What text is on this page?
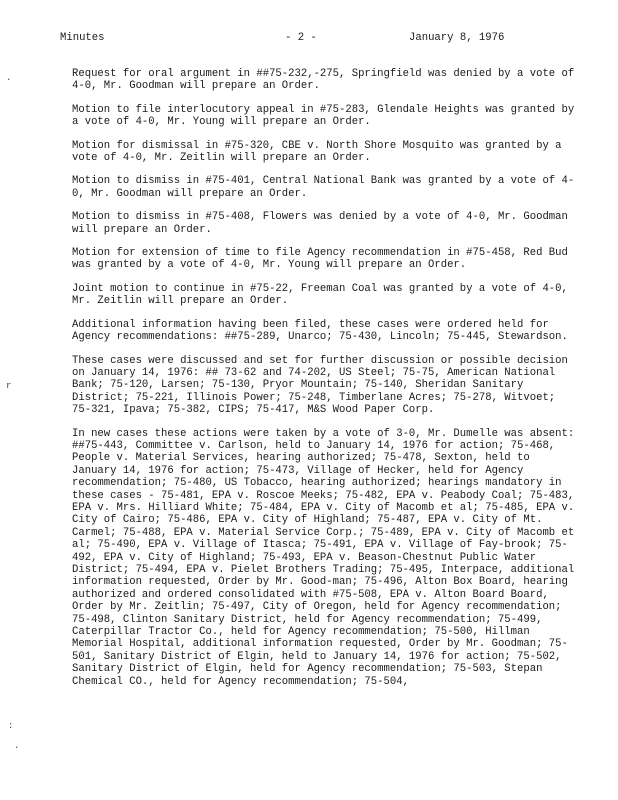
Minutes	- 2 -	January 8, 1976
.
r
:
.

Request for oral argument in ##75-232,-275, Springfield was denied by a vote of 4-0, Mr. Goodman will prepare an Order.

Motion to file interlocutory appeal in #75-283, Glendale Heights was granted by a vote of 4-0, Mr. Young will prepare an Order.

Motion for dismissal in #75-320, CBE v. North Shore Mosquito was granted by a vote of 4-0, Mr. Zeitlin will prepare an Order.

Motion to dismiss in #75-401, Central National Bank was granted by a vote of 4-0, Mr. Goodman will prepare an Order.

Motion to dismiss in #75-408, Flowers was denied by a vote of 4-0, Mr. Goodman will prepare an Order.

Motion for extension of time to file Agency recommendation in #75-458, Red Bud was granted by a vote of 4-0, Mr. Young will prepare an Order.

Joint motion to continue in #75-22, Freeman Coal was granted by a vote of 4-0, Mr. Zeitlin will prepare an Order.

Additional information having been filed, these cases were ordered held for Agency recommendations: ##75-289, Unarco; 75-430, Lincoln; 75-445, Stewardson.

These cases were discussed and set for further discussion or possible decision on January 14, 1976: ## 73-62 and 74-202, US Steel; 75-75, American National Bank; 75-120, Larsen; 75-130, Pryor Mountain; 75-140, Sheridan Sanitary District; 75-221, Illinois Power; 75-248, Timberlane Acres; 75-278, Witvoet; 75-321, Ipava; 75-382, CIPS; 75-417, M&S Wood Paper Corp.

In new cases these actions were taken by a vote of 3-0, Mr. Dumelle was absent: ##75-443, Committee v. Carlson, held to January 14, 1976 for action; 75-468, People v. Material Services, hearing authorized; 75-478, Sexton, held to January 14, 1976 for action; 75-473, Village of Hecker, held for Agency recommendation; 75-480, US Tobacco, hearing authorized; hearings mandatory in these cases - 75-481, EPA v. Roscoe Meeks; 75-482, EPA v. Peabody Coal; 75-483, EPA v. Mrs. Hilliard White; 75-484, EPA v. City of Macomb et al; 75-485, EPA v. City of Cairo; 75-486, EPA v. City of Highland; 75-487, EPA v. City of Mt. Carmel; 75-488, EPA v. Material Service Corp.; 75-489, EPA v. City of Macomb et al; 75-490, EPA v. Village of Itasca; 75-491, EPA v. Village of Fay-brook; 75-492, EPA v. City of Highland; 75-493, EPA v. Beason-Chestnut Public Water District; 75-494, EPA v. Pielet Brothers Trading; 75-495, Interpace, additional information requested, Order by Mr. Good-man; 75-496, Alton Box Board, hearing authorized and ordered consolidated with #75-508, EPA v. Alton Board Board, Order by Mr. Zeitlin; 75-497, City of Oregon, held for Agency recommendation; 75-498, Clinton Sanitary District, held for Agency recommendation; 75-499, Caterpillar Tractor Co., held for Agency recommendation; 75-500, Hillman Memorial Hospital, additional information requested, Order by Mr. Goodman; 75-501, Sanitary District of Elgin, held to January 14, 1976 for action; 75-502, Sanitary District of Elgin, held for Agency recommendation; 75-503, Stepan Chemical CO., held for Agency recommendation; 75-504,
